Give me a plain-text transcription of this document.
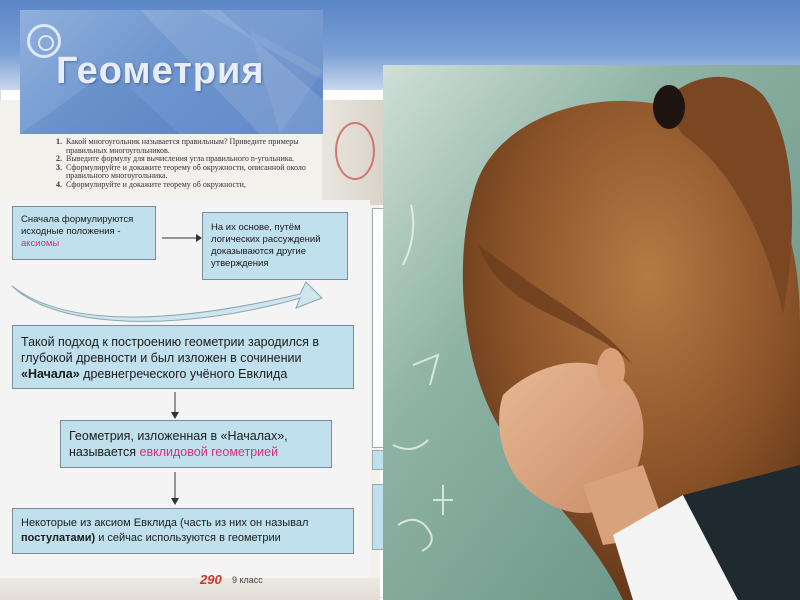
Геометрия
1. Какой многоугольник называется правильным? Приведите примеры правильных многоугольников.
2. Выведите формулу для вычисления угла правильного n-угольника.
3. Сформулируйте и докажите теорему об окружности, описанной около правильного многоугольника.
4. Сформулируйте и докажите теорему об окружности,
Сначала формулируются исходные положения - аксиомы
На их основе, путём логических рассуждений доказываются другие утверждения
Такой подход к построению геометрии зародился в глубокой древности и был изложен в сочинении «Начала» древнегреческого учёного Евклида
Геометрия, изложенная в «Началах», называется евклидовой геометрией
Некоторые из аксиом Евклида (часть из них он называл постулатами) и сейчас используются в геометрии
290 9 класс
